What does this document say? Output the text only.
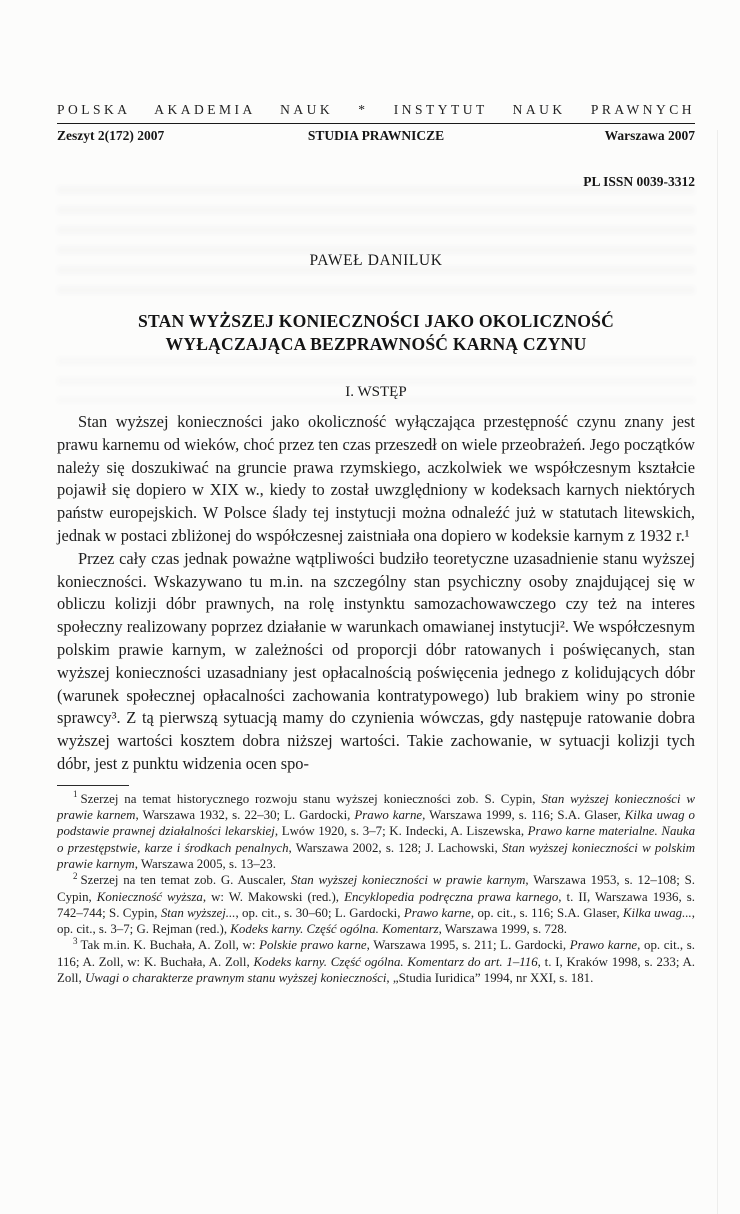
POLSKA AKADEMIA NAUK * INSTYTUT NAUK PRAWNYCH
Zeszyt 2(172) 2007	STUDIA PRAWNICZE	Warszawa 2007
PL ISSN 0039-3312
PAWEŁ DANILUK
STAN WYŻSZEJ KONIECZNOŚCI JAKO OKOLICZNOŚĆ
WYŁĄCZAJĄCA BEZPRAWNOŚĆ KARNĄ CZYNU
I. WSTĘP

Stan wyższej konieczności jako okoliczność wyłączająca przestępność czynu znany jest prawu karnemu od wieków, choć przez ten czas przeszedł on wiele przeobrażeń. Jego początków należy się doszukiwać na gruncie prawa rzymskiego, aczkolwiek we współczesnym kształcie pojawił się dopiero w XIX w., kiedy to został uwzględniony w kodeksach karnych niektórych państw europejskich. W Polsce ślady tej instytucji można odnaleźć już w statutach litewskich, jednak w postaci zbliżonej do współczesnej zaistniała ona dopiero w kodeksie karnym z 1932 r.¹

Przez cały czas jednak poważne wątpliwości budziło teoretyczne uzasadnienie stanu wyższej konieczności. Wskazywano tu m.in. na szczególny stan psychiczny osoby znajdującej się w obliczu kolizji dóbr prawnych, na rolę instynktu samozachowawczego czy też na interes społeczny realizowany poprzez działanie w warunkach omawianej instytucji². We współczesnym polskim prawie karnym, w zależności od proporcji dóbr ratowanych i poświęcanych, stan wyższej konieczności uzasadniany jest opłacalnością poświęcenia jednego z kolidujących dóbr (warunek społecznej opłacalności zachowania kontratypowego) lub brakiem winy po stronie sprawcy³. Z tą pierwszą sytuacją mamy do czynienia wówczas, gdy następuje ratowanie dobra wyższej wartości kosztem dobra niższej wartości. Takie zachowanie, w sytuacji kolizji tych dóbr, jest z punktu widzenia ocen spo-

$^1$ Szerzej na temat historycznego rozwoju stanu wyższej konieczności zob. S. Cypin, Stan wyższej konieczności w prawie karnem, Warszawa 1932, s. 22–30; L. Gardocki, Prawo karne, Warszawa 1999, s. 116; S.A. Glaser, Kilka uwag o podstawie prawnej działalności lekarskiej, Lwów 1920, s. 3–7; K. Indecki, A. Liszewska, Prawo karne materialne. Nauka o przestępstwie, karze i środkach penalnych, Warszawa 2002, s. 128; J. Lachowski, Stan wyższej konieczności w polskim prawie karnym, Warszawa 2005, s. 13–23.

$^2$ Szerzej na ten temat zob. G. Auscaler, Stan wyższej konieczności w prawie karnym, Warszawa 1953, s. 12–108; S. Cypin, Konieczność wyższa, w: W. Makowski (red.), Encyklopedia podręczna prawa karnego, t. II, Warszawa 1936, s. 742–744; S. Cypin, Stan wyższej..., op. cit., s. 30–60; L. Gardocki, Prawo karne, op. cit., s. 116; S.A. Glaser, Kilka uwag..., op. cit., s. 3–7; G. Rejman (red.), Kodeks karny. Część ogólna. Komentarz, Warszawa 1999, s. 728.

$^3$ Tak m.in. K. Buchała, A. Zoll, w: Polskie prawo karne, Warszawa 1995, s. 211; L. Gardocki, Prawo karne, op. cit., s. 116; A. Zoll, w: K. Buchała, A. Zoll, Kodeks karny. Część ogólna. Komentarz do art. 1–116, t. I, Kraków 1998, s. 233; A. Zoll, Uwagi o charakterze prawnym stanu wyższej konieczności, „Studia Iuridica” 1994, nr XXI, s. 181.
